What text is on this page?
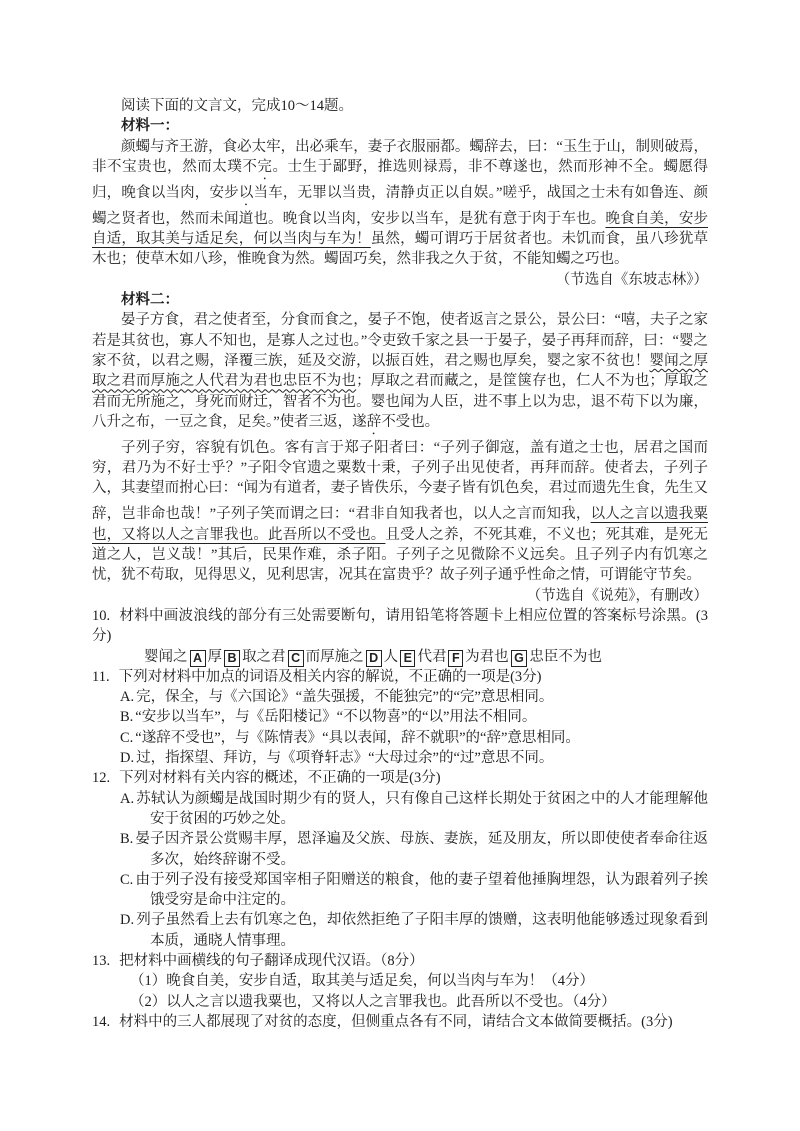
阅读下面的文言文，完成10～14题。

材料一：

颜蠋与齐王游，食必太牢，出必乘车，妻子衣服丽都。蠋辞去，曰：“玉生于山，制则破焉，非不宝贵也，然而太璞不完。士生于鄙野，推选则禄焉，非不尊遂也，然而形神不全。蠋愿得归，晚食以当肉，安步以当车，无罪以当贵，清静贞正以自娱。”嗟乎，战国之士未有如鲁连、颜蠋之贤者也，然而未闻道也。晚食以当肉，安步以当车，是犹有意于肉于车也。晚食自美，安步自适，取其美与适足矣，何以当肉与车为！虽然，蠋可谓巧于居贫者也。未饥而食，虽八珍犹草木也；使草木如八珍，惟晚食为然。蠋固巧矣，然非我之久于贫，不能知蠋之巧也。

（节选自《东坡志林》）

材料二：

晏子方食，君之使者至，分食而食之，晏子不饱，使者返言之景公，景公曰：“嘻，夫子之家若是其贫也，寡人不知也，是寡人之过也。”令吏致千家之县一于晏子，晏子再拜而辞，曰：“婴之家不贫，以君之赐，泽覆三族，延及交游，以振百姓，君之赐也厚矣，婴之家不贫也！婴闻之厚取之君而厚施之人代君为君也忠臣不为也；厚取之君而藏之，是筐箧存也，仁人不为也；厚取之君而无所施之，身死而财迁，智者不为也。婴也闻为人臣，进不事上以为忠，退不苟下以为廉，八升之布，一豆之食，足矣。”使者三返，遂辞不受也。

子列子穷，容貌有饥色。客有言于郑子阳者曰：“子列子御寇，盖有道之士也，居君之国而穷，君乃为不好士乎？”子阳令官遗之粟数十秉，子列子出见使者，再拜而辞。使者去，子列子入，其妻望而拊心曰：“闻为有道者，妻子皆佚乐，今妻子皆有饥色矣，君过而遗先生食，先生又辞，岂非命也哉！”子列子笑而谓之曰：“君非自知我者也，以人之言而知我，以人之言以遗我粟也，又将以人之言罪我也。此吾所以不受也。且受人之养，不死其难，不义也；死其难，是死无道之人，岂义哉！”其后，民果作难，杀子阳。子列子之见微除不义远矣。且子列子内有饥寒之忧，犹不苟取，见得思义，见利思害，况其在富贵乎？故子列子通乎性命之情，可谓能守节矣。

（节选自《说苑》，有删改）

10. 材料中画波浪线的部分有三处需要断句，请用铅笔将答题卡上相应位置的答案标号涂黑。(3分)

婴闻之 A 厚 B 取之君 C 而厚施之 D 人 E 代君 F 为君也 G 忠臣不为也

11. 下列对材料中加点的词语及相关内容的解说，不正确的一项是(3分)

A. 完，保全，与《六国论》“盖失强援，不能独完”的“完”意思相同。
B. “安步以当车”，与《岳阳楼记》“不以物喜”的“以”用法不相同。
C. “遂辞不受也”，与《陈情表》“具以表闻，辞不就职”的“辞”意思相同。
D. 过，指探望、拜访，与《项脊轩志》“大母过余”的“过”意思不同。

12. 下列对材料有关内容的概述，不正确的一项是(3分)

A. 苏轼认为颜蠋是战国时期少有的贤人，只有像自己这样长期处于贫困之中的人才能理解他安于贫困的巧妙之处。
B. 晏子因齐景公赏赐丰厚，恩泽遍及父族、母族、妻族，延及朋友，所以即使使者奉命往返多次，始终辞谢不受。
C. 由于列子没有接受郑国宰相子阳赠送的粮食，他的妻子望着他捶胸埋怨，认为跟着列子挨饿受穷是命中注定的。
D. 列子虽然看上去有饥寒之色，却依然拒绝了子阳丰厚的馈赠，这表明他能够透过现象看到本质，通晓人情事理。

13. 把材料中画横线的句子翻译成现代汉语。（8分）

（1）晚食自美，安步自适，取其美与适足矣，何以当肉与车为！（4分）

（2）以人之言以遗我粟也，又将以人之言罪我也。此吾所以不受也。（4分）

14. 材料中的三人都展现了对贫的态度，但侧重点各有不同，请结合文本做简要概括。(3分)
